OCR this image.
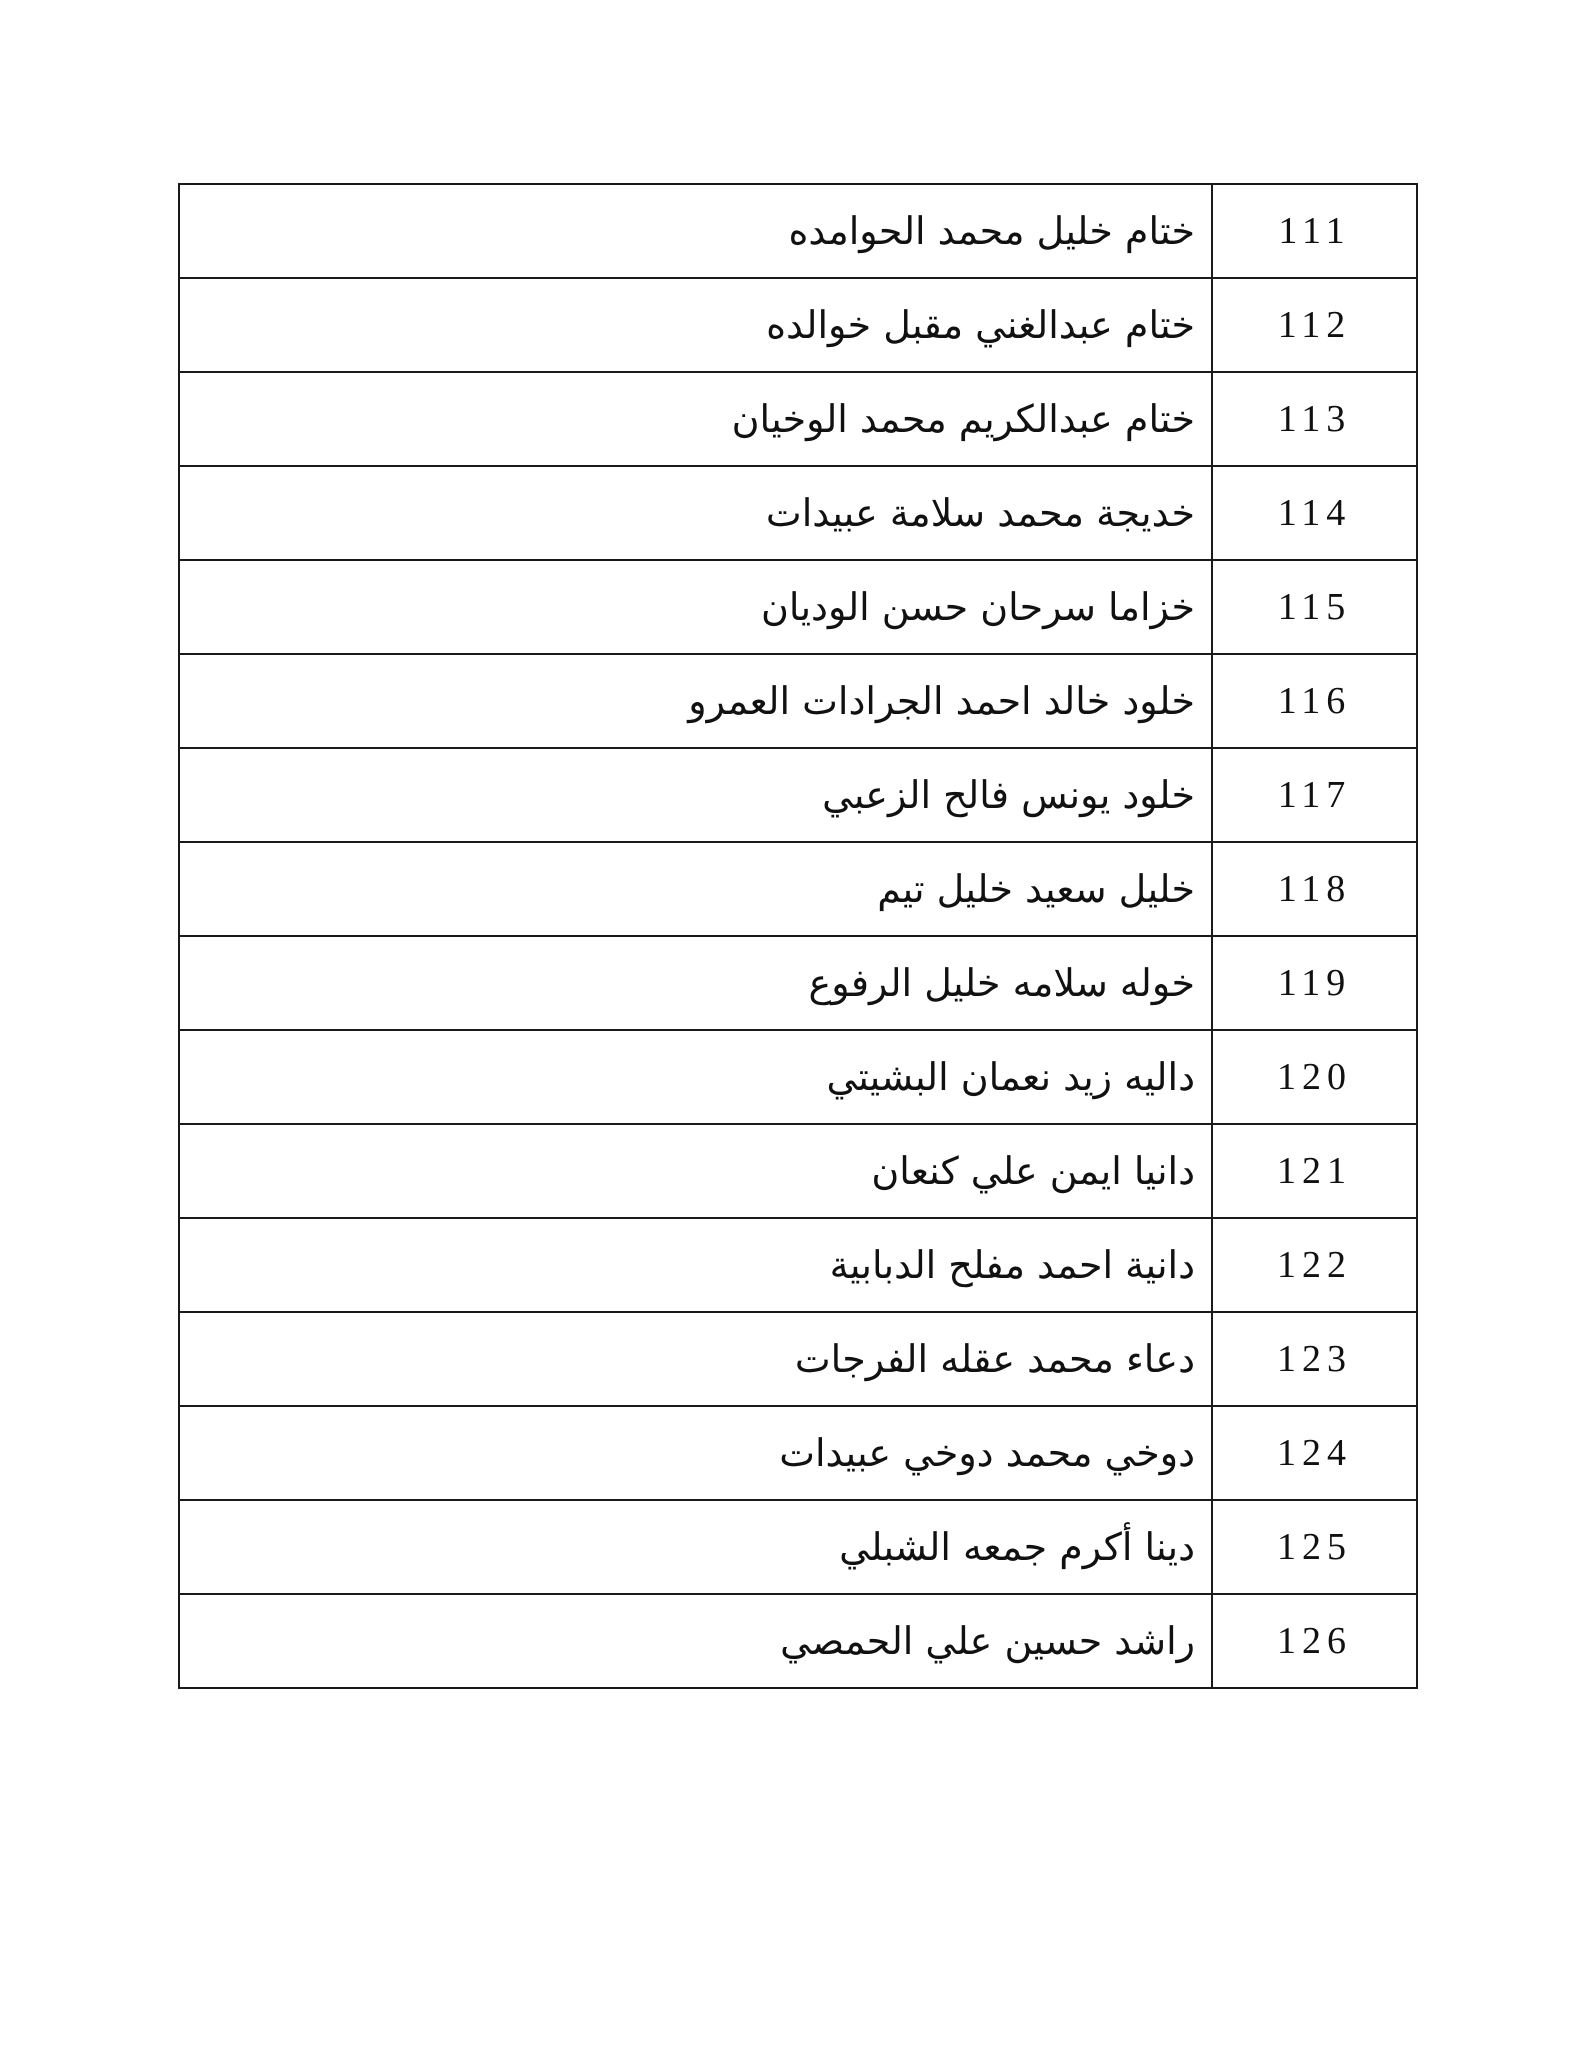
ختام خليل محمد الحوامده	111
ختام عبدالغني مقبل خوالده	112
ختام عبدالكريم محمد الوخيان	113
خديجة محمد سلامة عبيدات	114
خزاما سرحان حسن الوديان	115
خلود خالد احمد الجرادات العمرو	116
خلود يونس فالح الزعبي	117
خليل سعيد خليل تيم	118
خوله سلامه خليل الرفوع	119
داليه زيد نعمان البشيتي	120
دانيا ايمن علي كنعان	121
دانية احمد مفلح الدبابية	122
دعاء محمد عقله الفرجات	123
دوخي محمد دوخي عبيدات	124
دينا أكرم جمعه الشبلي	125
راشد حسين علي الحمصي	126
